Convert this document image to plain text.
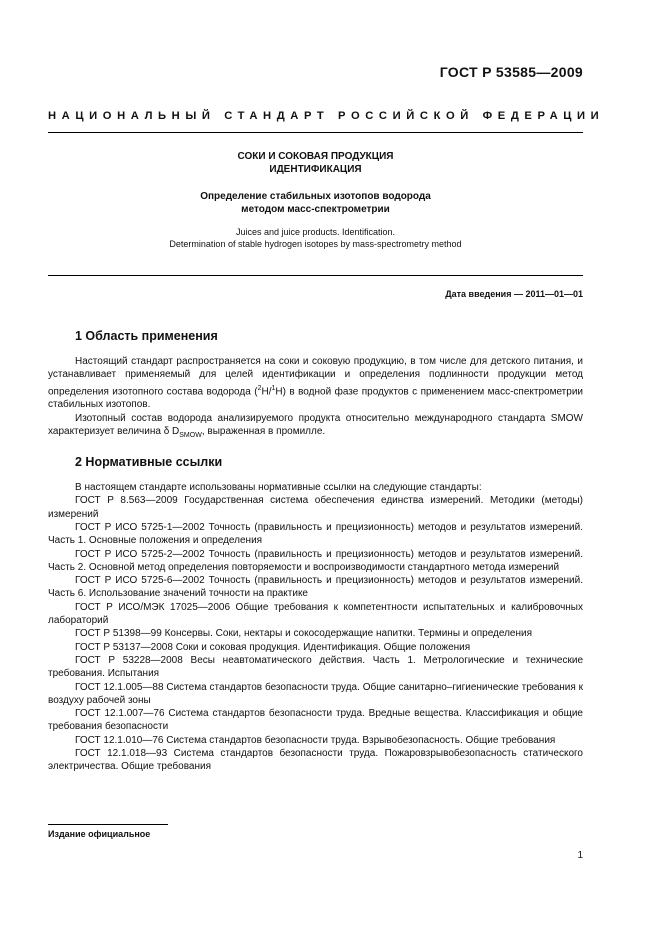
ГОСТ Р 53585—2009
НАЦИОНАЛЬНЫЙ СТАНДАРТ РОССИЙСКОЙ ФЕДЕРАЦИИ
СОКИ И СОКОВАЯ ПРОДУКЦИЯ
ИДЕНТИФИКАЦИЯ
Определение стабильных изотопов водорода
методом масс-спектрометрии
Juices and juice products. Identification.
Determination of stable hydrogen isotopes by mass-spectrometry method
Дата введения — 2011—01—01
1 Область применения

Настоящий стандарт распространяется на соки и соковую продукцию, в том числе для детского питания, и устанавливает применяемый для целей идентификации и определения подлинности продукции метод определения изотопного состава водорода ($^2$H/$^1$H) в водной фазе продуктов с применением масс-спектрометрии стабильных изотопов.

Изотопный состав водорода анализируемого продукта относительно международного стандарта SMOW характеризует величина δ $D_{SMOW}$, выраженная в промилле.

2 Нормативные ссылки

В настоящем стандарте использованы нормативные ссылки на следующие стандарты:

ГОСТ Р 8.563—2009 Государственная система обеспечения единства измерений. Методики (методы) измерений

ГОСТ Р ИСО 5725-1—2002 Точность (правильность и прецизионность) методов и результатов измерений. Часть 1. Основные положения и определения

ГОСТ Р ИСО 5725-2—2002 Точность (правильность и прецизионность) методов и результатов измерений. Часть 2. Основной метод определения повторяемости и воспроизводимости стандартного метода измерений

ГОСТ Р ИСО 5725-6—2002 Точность (правильность и прецизионность) методов и результатов измерений. Часть 6. Использование значений точности на практике

ГОСТ Р ИСО/МЭК 17025—2006 Общие требования к компетентности испытательных и калибровочных лабораторий

ГОСТ Р 51398—99 Консервы. Соки, нектары и сокосодержащие напитки. Термины и определения

ГОСТ Р 53137—2008 Соки и соковая продукция. Идентификация. Общие положения

ГОСТ Р 53228—2008 Весы неавтоматического действия. Часть 1. Метрологические и технические требования. Испытания

ГОСТ 12.1.005—88 Система стандартов безопасности труда. Общие санитарно–гигиенические требования к воздуху рабочей зоны

ГОСТ 12.1.007—76 Система стандартов безопасности труда. Вредные вещества. Классификация и общие требования безопасности

ГОСТ 12.1.010—76 Система стандартов безопасности труда. Взрывобезопасность. Общие требования

ГОСТ 12.1.018—93 Система стандартов безопасности труда. Пожаровзрывобезопасность статического электричества. Общие требования

Издание официальное
1
